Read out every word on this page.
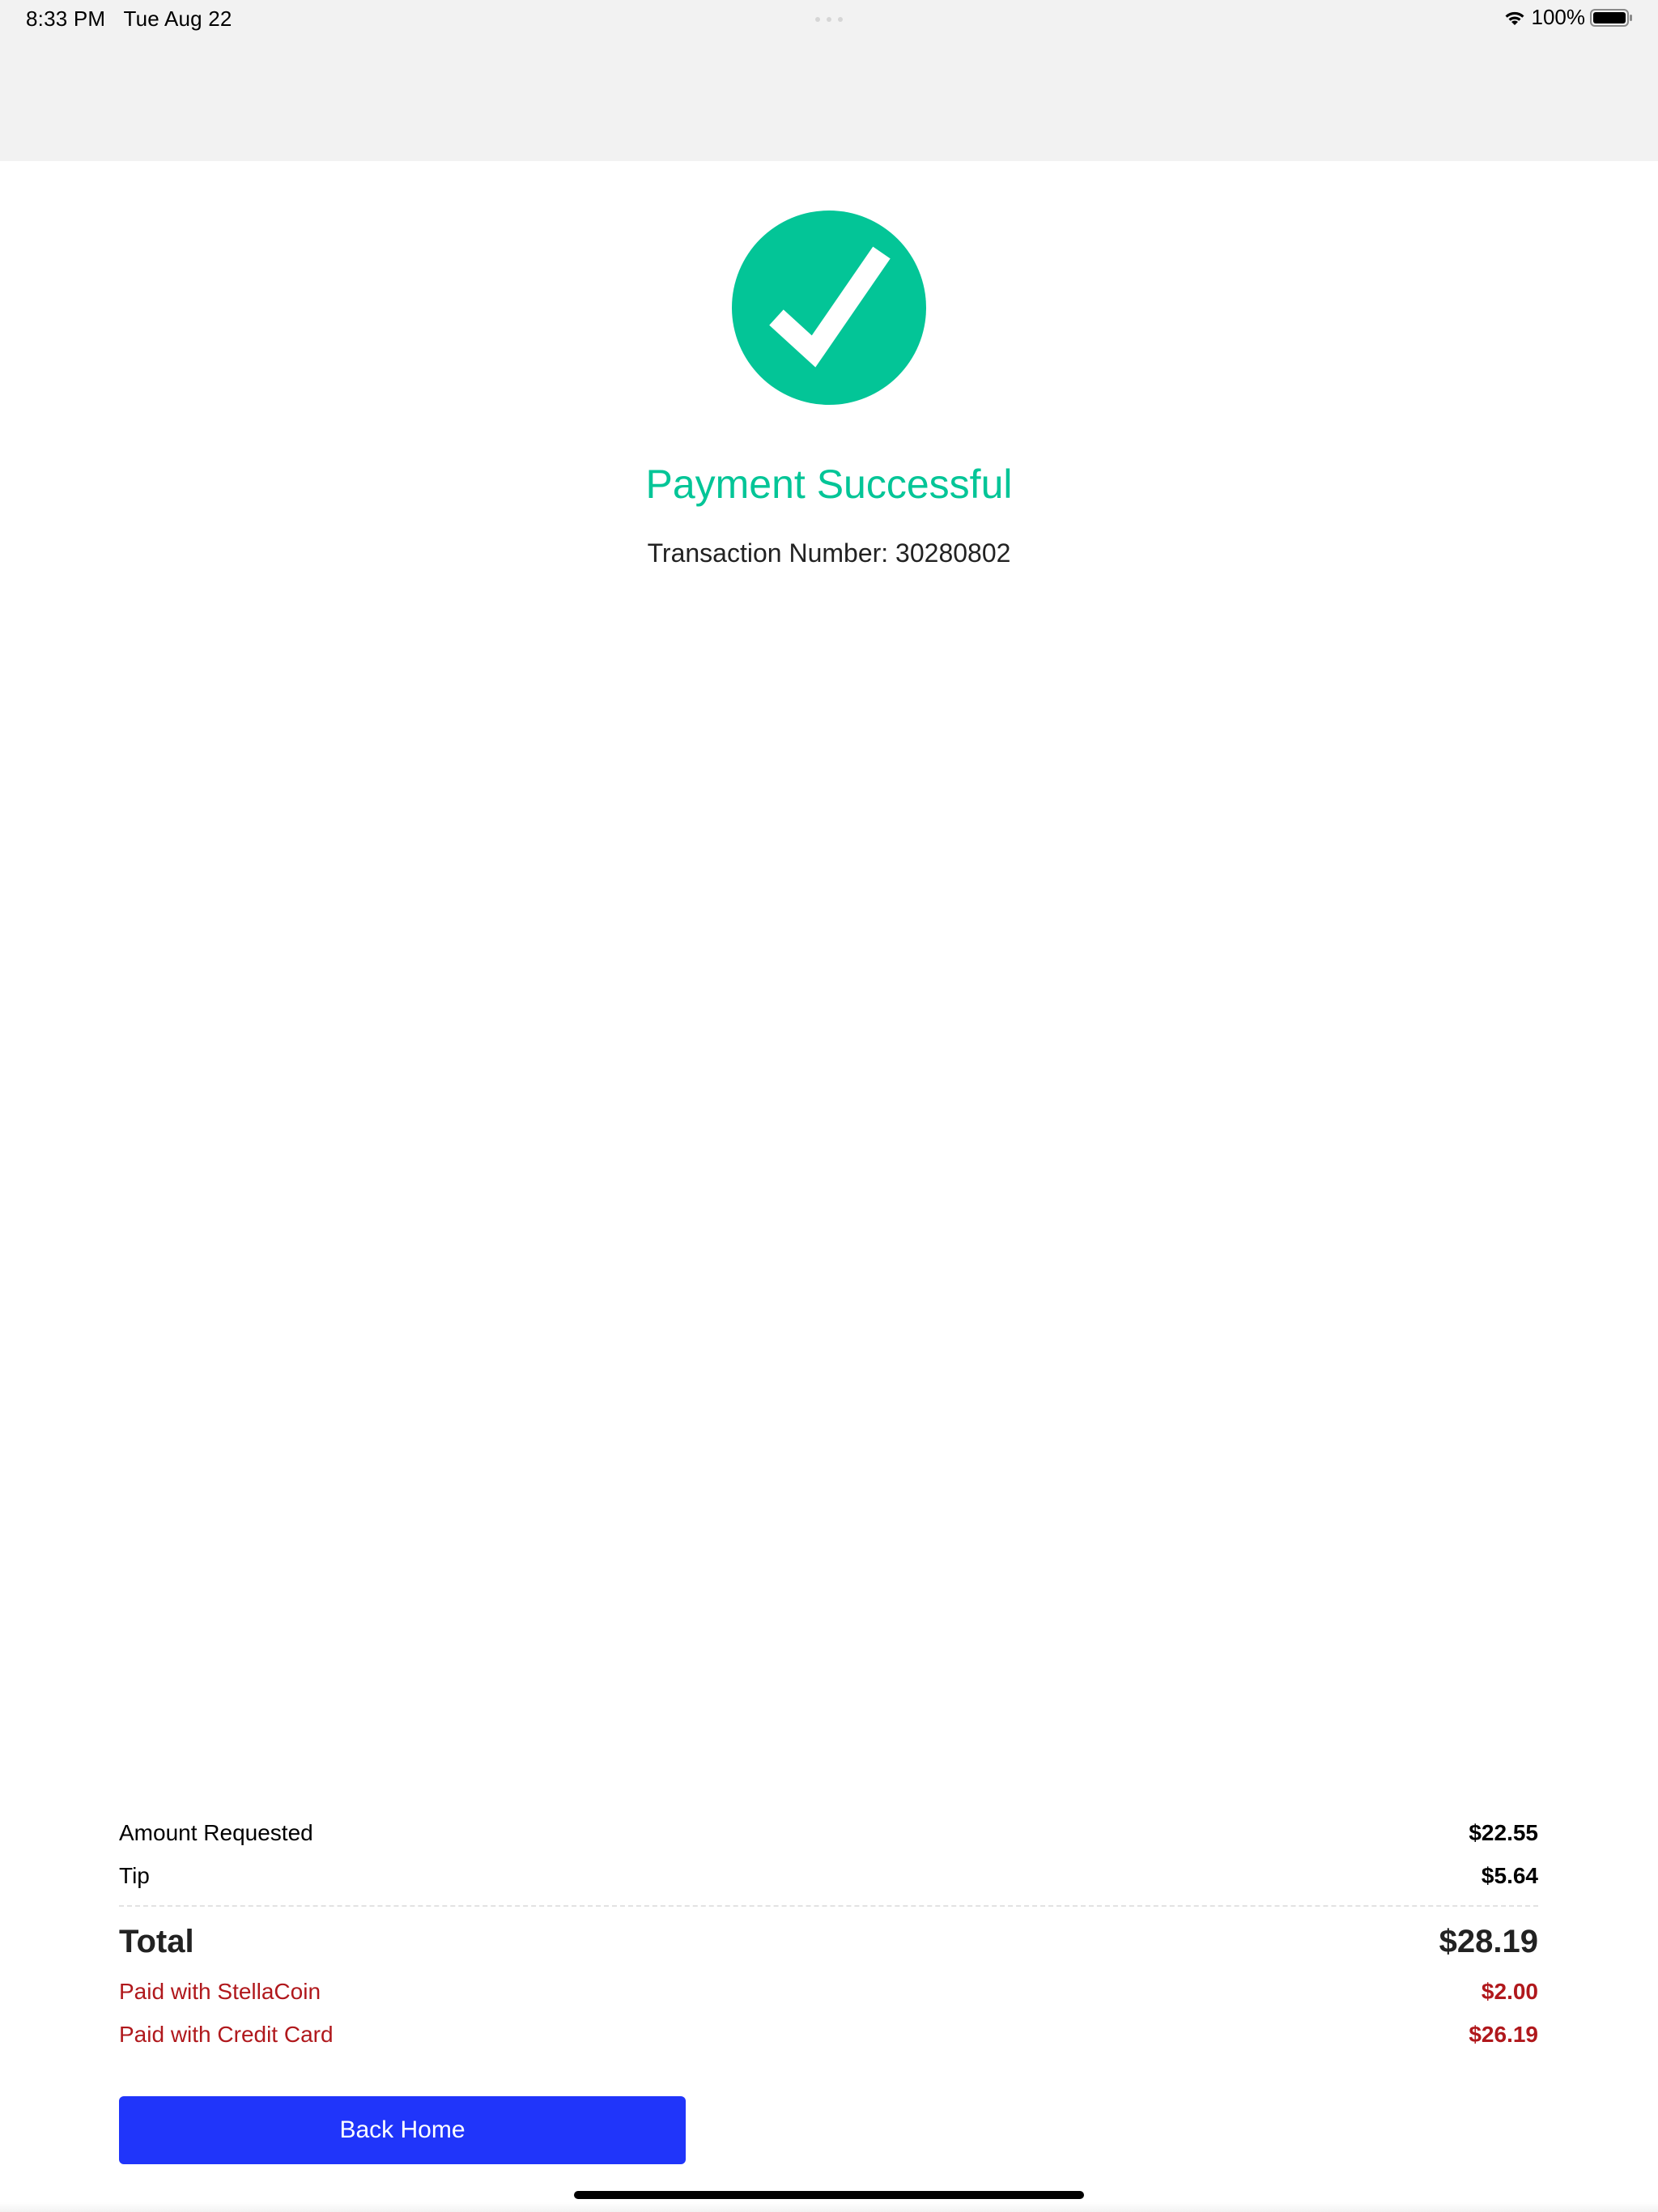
8:33 PM Tue Aug 22	100%
Payment Successful
Transaction Number: 30280802
Amount Requested	$22.55
Tip	$5.64
Total	$28.19
Paid with StellaCoin	$2.00
Paid with Credit Card	$26.19
Back Home
